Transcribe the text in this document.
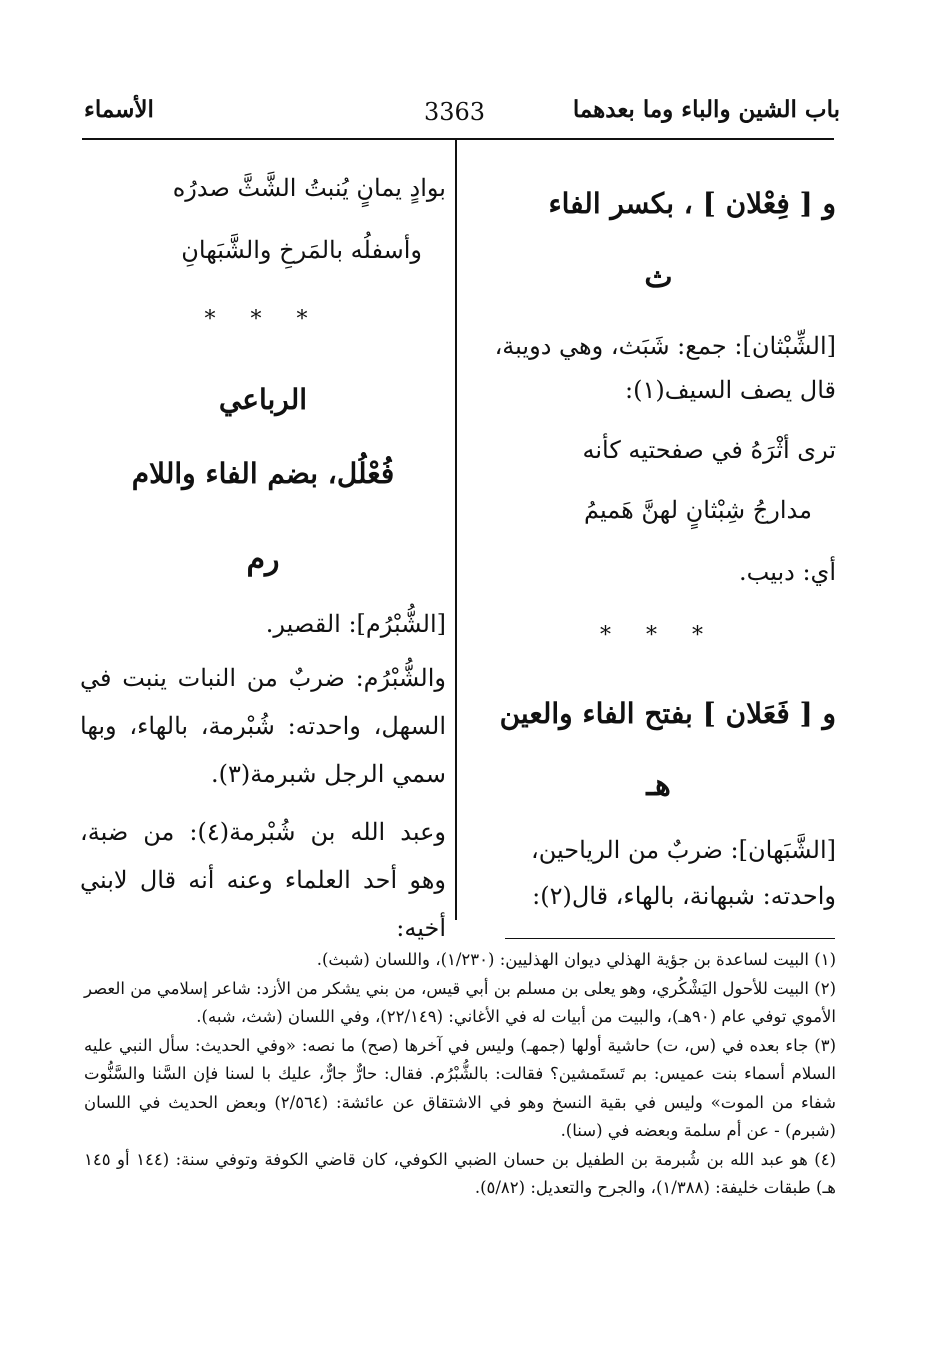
باب الشين والباء وما بعدهما
3363
الأسماء
و [ فِعْلان ] ، بكسر الفاء
ث
[الشِّبْثان]: جمع: شَبَث، وهي دويبة،
قال يصف السيف(١):
ترى أثْرَهُ في صفحتيه كأنه
مدارجُ شِبْثانٍ لهنَّ هَميمُ
أي: دبيب.
* * *
و [ فَعَلان ] بفتح الفاء والعين
هـ
[الشَّبَهان]: ضربٌ من الرياحين،
واحدته: شبهانة، بالهاء، قال(٢):
بوادٍ يمانٍ يُنبتُ الشَّثَّ صدرُه
وأسفلُه بالمَرخِ والشَّبَهانِ
* * *
الرباعي
فُعْلُل، بضم الفاء واللام
رم
[الشُّبْرُم]: القصير.
والشُّبْرُم: ضربٌ من النبات ينبت في السهل، واحدته: شُبْرمة، بالهاء، وبها سمي الرجل شبرمة(٣).
وعبد الله بن شُبْرمة(٤): من ضبة، وهو أحد العلماء وعنه أنه قال لابني أخيه:

(١) البيت لساعدة بن جؤية الهذلي ديوان الهذليين: (١/٢٣٠)، واللسان (شبث).

(٢) البيت للأحول اليَشْكُري، وهو يعلى بن مسلم بن أبي قيس، من بني يشكر من الأزد: شاعر إسلامي من العصر الأموي توفي عام (٩٠هـ)، والبيت من أبيات له في الأغاني: (٢٢/١٤٩)، وفي اللسان (شث، شبه).

(٣) جاء بعده في (س، ت) حاشية أولها (جمهـ) وليس في آخرها (صح) ما نصه: «وفي الحديث: سأل النبي عليه السلام أسماء بنت عميس: بم تَستَمشين؟ فقالت: بالشُّبْرُم. فقال: حارٌّ جارٌّ، عليك با لسنا فإن السَّنا والسَّنُّوت شفاء من الموت» وليس في بقية النسخ وهو في الاشتقاق عن عائشة: (٢/٥٦٤) وبعض الحديث في اللسان (شبرم) - عن أم سلمة وبعضه في (سنا).

(٤) هو عبد الله بن شُبرمة بن الطفيل بن حسان الضبي الكوفي، كان قاضي الكوفة وتوفي سنة: (١٤٤ أو ١٤٥ هـ) طبقات خليفة: (١/٣٨٨)، والجرح والتعديل: (٥/٨٢).
